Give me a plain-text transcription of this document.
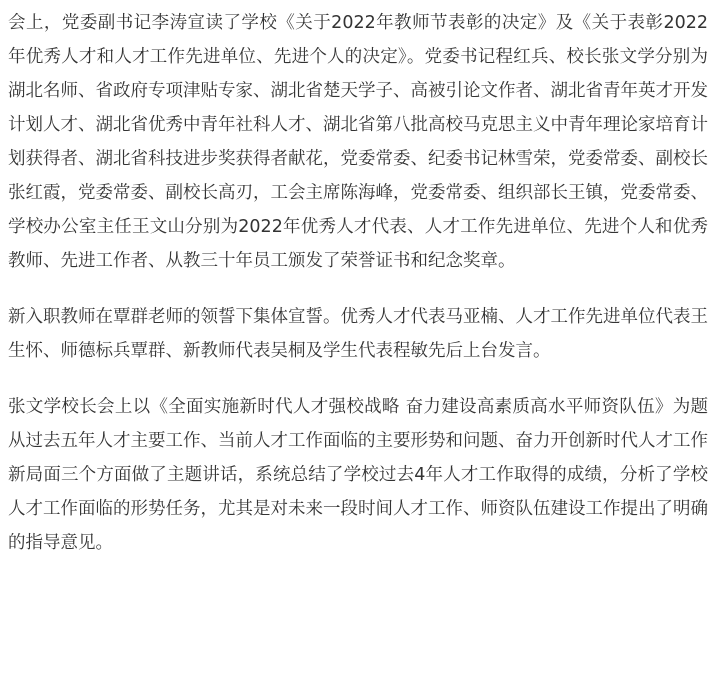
会上，党委副书记李涛宣读了学校《关于2022年教师节表彰的决定》及《关于表彰2022年优秀人才和人才工作先进单位、先进个人的决定》。党委书记程红兵、校长张文学分别为湖北名师、省政府专项津贴专家、湖北省楚天学子、高被引论文作者、湖北省青年英才开发计划人才、湖北省优秀中青年社科人才、湖北省第八批高校马克思主义中青年理论家培育计划获得者、湖北省科技进步奖获得者献花，党委常委、纪委书记林雪荣，党委常委、副校长张红霞，党委常委、副校长高刃，工会主席陈海峰，党委常委、组织部长王镇，党委常委、学校办公室主任王文山分别为2022年优秀人才代表、人才工作先进单位、先进个人和优秀教师、先进工作者、从教三十年员工颁发了荣誉证书和纪念奖章。

新入职教师在覃群老师的领誓下集体宣誓。优秀人才代表马亚楠、人才工作先进单位代表王生怀、师德标兵覃群、新教师代表吴桐及学生代表程敏先后上台发言。

张文学校长会上以《全面实施新时代人才强校战略 奋力建设高素质高水平师资队伍》为题从过去五年人才主要工作、当前人才工作面临的主要形势和问题、奋力开创新时代人才工作新局面三个方面做了主题讲话，系统总结了学校过去4年人才工作取得的成绩，分析了学校人才工作面临的形势任务，尤其是对未来一段时间人才工作、师资队伍建设工作提出了明确的指导意见。
